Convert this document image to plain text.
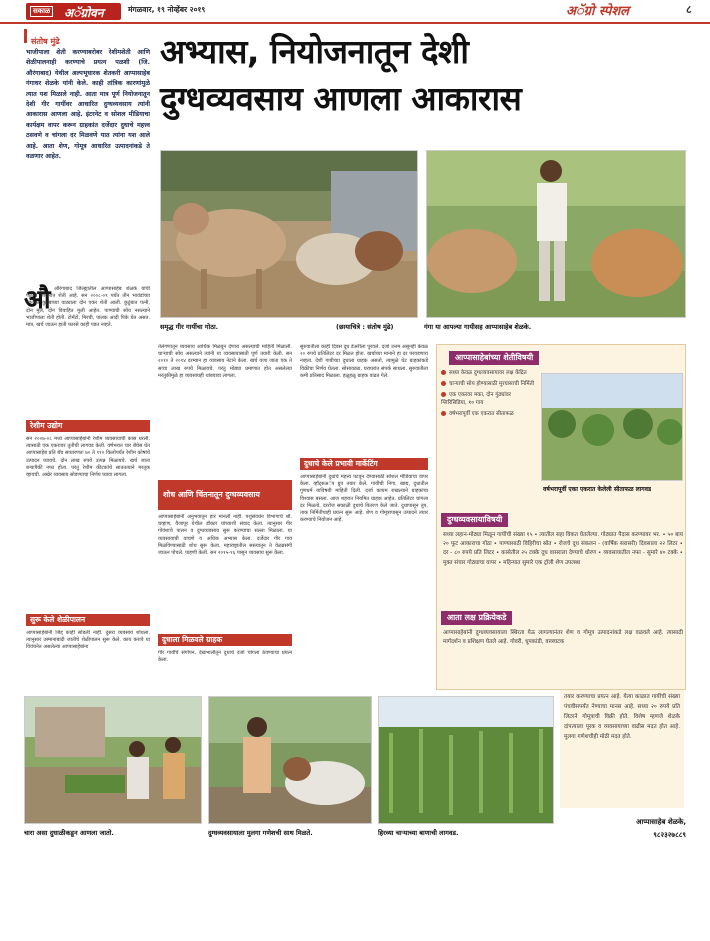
सकाळ अॅग्रोवन	मंगळवार, १९ नोव्हेंबर २०१९	अॅग्रो स्पेशल	८
संतोष मुंढे
भाजीपाला शेती करण्याबरोबर रेशीमशेती आणि शेळीपालनाही करण्याचे प्रयत्न पळशी (जि. औरंगाबाद) येथील अल्पभूधारक शेतकरी आप्पासाहेब गंगाधर शेळके यांनी केले. काही तांत्रिक कारणांमुळे त्यात यश मिळाले नाही. आता मात्र पूर्ण नियोजनातून देशी गीर गायींवर आधारित दुग्धव्यवसाय त्यांनी आकारास आणला आहे. इंटरनेट व सोशल मीडियाचा कार्यक्षम वापर करून ग्राहकांत दर्जेदार दुधाचे महत्त्व ठसवणे व चांगला दर मिळवणे यात त्यांना यश आले आहे. आता शेण, गोमूत्र आधारित उत्पादनांकडे ते वळणार आहेत.
अभ्यास, नियोजनातून देशी
दुग्धव्यवसाय आणला आकारास
समृद्ध गीर गायींचा गोठा.	(छायाचित्रे : संतोष मुंढे)	गंगा या आपल्या गायीसह आप्पासाहेब शेळके.
औ औरंगाबाद जिल्ह्यातील आप्पासाहेब शेळके यांची पळशी शिवारात शेती आहे. सन २००८-०९ पर्यंत तीन भावंडांच्या एकत्रित कुटुंबाच्या वाट्याला दोन एकर शेती आली. कुटुंबात पत्नी, दोन मुले, दोन विवाहित मुली आहेत. पाण्याची सोय नसल्याने भाजीपाला शेती होती. टोमॅटो, मिरची, पालक आदी पिके घेत असत. मात्र, खर्च जाऊन हाती फारसे काही पडत नव्हते.
रेशीम उद्योग
सन २००७-०८ मध्ये आप्पासाहेबांनी रेशीम व्यवसायाची कास धरली. त्यासाठी एक एकरावर तुतीची लागवड केली. वर्षभरात चार बॅचेस घेत आप्पासाहेब प्रति बॅच साधारणतः ७० ते ११० किलोपर्यंत रेशीम कोषांचे उत्पादन घ्यायचे. दोन लाख रुपये उत्पन्न मिळायचे. खर्च जाता बऱ्यापैकी नफा होता. परंतु रेशीम कीटकांचे साततत्याने मरतूक व्हायची. अखेर व्यवसाय सोडण्याचा निर्णय घ्यावा लागला.
सुरू केले शेळीपालन
आप्पासाहेबांनी जिद्द काही सोडली नाही. दुसरा व्यवसाय शोधला. त्यानुसार उस्मानाबादी जातीचे शेळीपालन सुरू केले. काय करावे या विवंचनेत असलेल्या आप्पासाहेबांना
तेलंगणातून व्यवसाय आर्थिक मिळवून देणारा असल्याची माहिती मिळाली. चाऱ्याची सोय असल्याने त्यांनी या व्यवसायासाठी पूर्ण तयारी केली. सन २०१० ते २०१४ दरम्यान हा व्यवसाय नेटाने केला. खर्च वजा जाता एक ते सव्वा लाख रुपये मिळायचे. परंतु मोठ्या प्रमाणात होत असलेल्या मरतुकीमुळे हा व्यवसायही थांबवावा लागला.
शोध आणि चिंतनातून दुग्धव्यवसाय
आप्पासाहेबांनी अनुभवातून हार मानली नाही. पशुसंवर्धन विभागाचे श्री. चव्हाण, वैजापूर येथील डॉक्टर यांच्याशी संवाद केला. त्यानुसार गीर गोवंशाचे पालन व दुग्धव्यवसाय सुरू करण्याचा सल्ला मिळाला. या व्यवसायाची वाचणे व अधिक अभ्यास केला. दर्जेदार गीर गाय मिळविण्यासाठी शोध सुरू केला. महाराष्ट्रातील सस्त्यातून ते वेळप्रसंगी जाऊन पोचले. पाहणी केली. सन २०१५-१६ पासून व्यवसाय सुरू केला.
दुधाला मिळवले ग्राहक
गीर गायींचे संगोपन, देखभालीतून दुधाचे दर्जा चांगला ठेवण्याचा प्रयत्न केला.
सुरुवातीला काही दिवस दूध डेअरीला पुरवले. दर्जा उत्तम असूनही केवळ २० रुपये प्रतिलिटर दर मिळत होता. खर्चाच्या मानाने हा दर परवडणारा नव्हता. देशी गायीच्या दुधाला ग्राहक असतो, त्यामुळे थेट ग्राहकांकडे विक्रीचा निर्णय घेतला. सोसायट्या, घराघरांत संपर्क साधला. सुरुवातीला कमी प्रतिसाद मिळाला. हळूहळू ग्राहक वाढत गेले.
दुधाचे केले प्रभावी मार्केटिंग
आप्पासाहेबांनी दुधाचे महत्त्व पटवून देण्यासाठी सोशल मीडियाचा वापर केला. व्हॉट्सअॅप ग्रुप तयार केले. गायीची निगा, खाद्य, दुधातील गुणधर्म याविषयी माहिती दिली. दर्जा कायम राखल्याने ग्राहकांचा विश्वास बसला. आज शहरात नियमित ग्राहक आहेत. प्रतिलिटर चांगला दर मिळतो. दररोज सकाळी दुधाचे वितरण केले जाते. दुधापासून तूप, ताक निर्मितीचाही प्रयत्न सुरू आहे. शेण व गोमूत्रापासून उत्पादने तयार करण्याचे नियोजन आहे.
आप्पासाहेबांच्या शेतीविषयी
सध्या केवळ दुग्धव्यवसायावर लक्ष केंद्रित
चाऱ्याची सोय होण्यासाठी मुरघासाची निर्मिती
एक एकरवर मका, दोन गुंठ्यांवर ग्लिरिसिडिया, १० गाय
वर्षभरापूर्वी एक एकरात सीताफळ
वर्षभरापूर्वी एका एकरात केलेली सीताफळ लागवड
दुग्धव्यवसायाविषयी
सध्या लहान-मोठ्या मिळून गायींची संख्या १५ • त्यातील सहा विकत घेतलेल्या. गोठ्यात पैदास करण्यावर भर. • ५० बाय २० फूट आकाराचा गोठा • पाण्यासाठी विहिरीचा स्रोत • रोजचे दूध संकलन - (वार्षिक सरासरी) दिवसाला २२ लिटर • दर - ८० रुपये प्रति लिटर • कासेतील २५ टक्के दूध वासराला देण्याचे धोरण • व्यवसायातील नफा - सुमारे ४० टक्के • मुक्त संचार गोठ्याचा वापर • महिन्यात सुमारे एक ट्रॉली शेण उपलब्ध
आता लक्ष प्रक्रियेकडे
आप्पासाहेबांनी दुग्धव्यवसायाला स्थिरता येऊ लागल्यानंतर शेण व गोमूत्र उत्पादनांकडे लक्ष वळवले आहे. त्यासाठी मार्गदर्शन व प्रशिक्षण घेतले आहे. गोवरी, धूपकांडी, वस्त्रघटक
तयार करण्याचा प्रयत्न आहे. येत्या काळात गायींची संख्या पंचवीसपर्यंत नेण्याचा मानस आहे. सध्या २० रुपये प्रति लिटरने गोमूत्राची विक्री होते. विशेष म्हणजे शेळके दांपत्याला पूरक व व्यवसायाच्या वाढीस मदत होत आहे. मुलगा गणेशचीही मोठी मदत होते.
आप्पासाहेब शेळके,
९८२३२७८८९
चारा असा दुधाळीकडून आणला जातो.	दुग्धव्यवसायाला मुलगा गणेशची साथ मिळते.	हिरव्या चाऱ्याच्या बाणाची लागवड.
